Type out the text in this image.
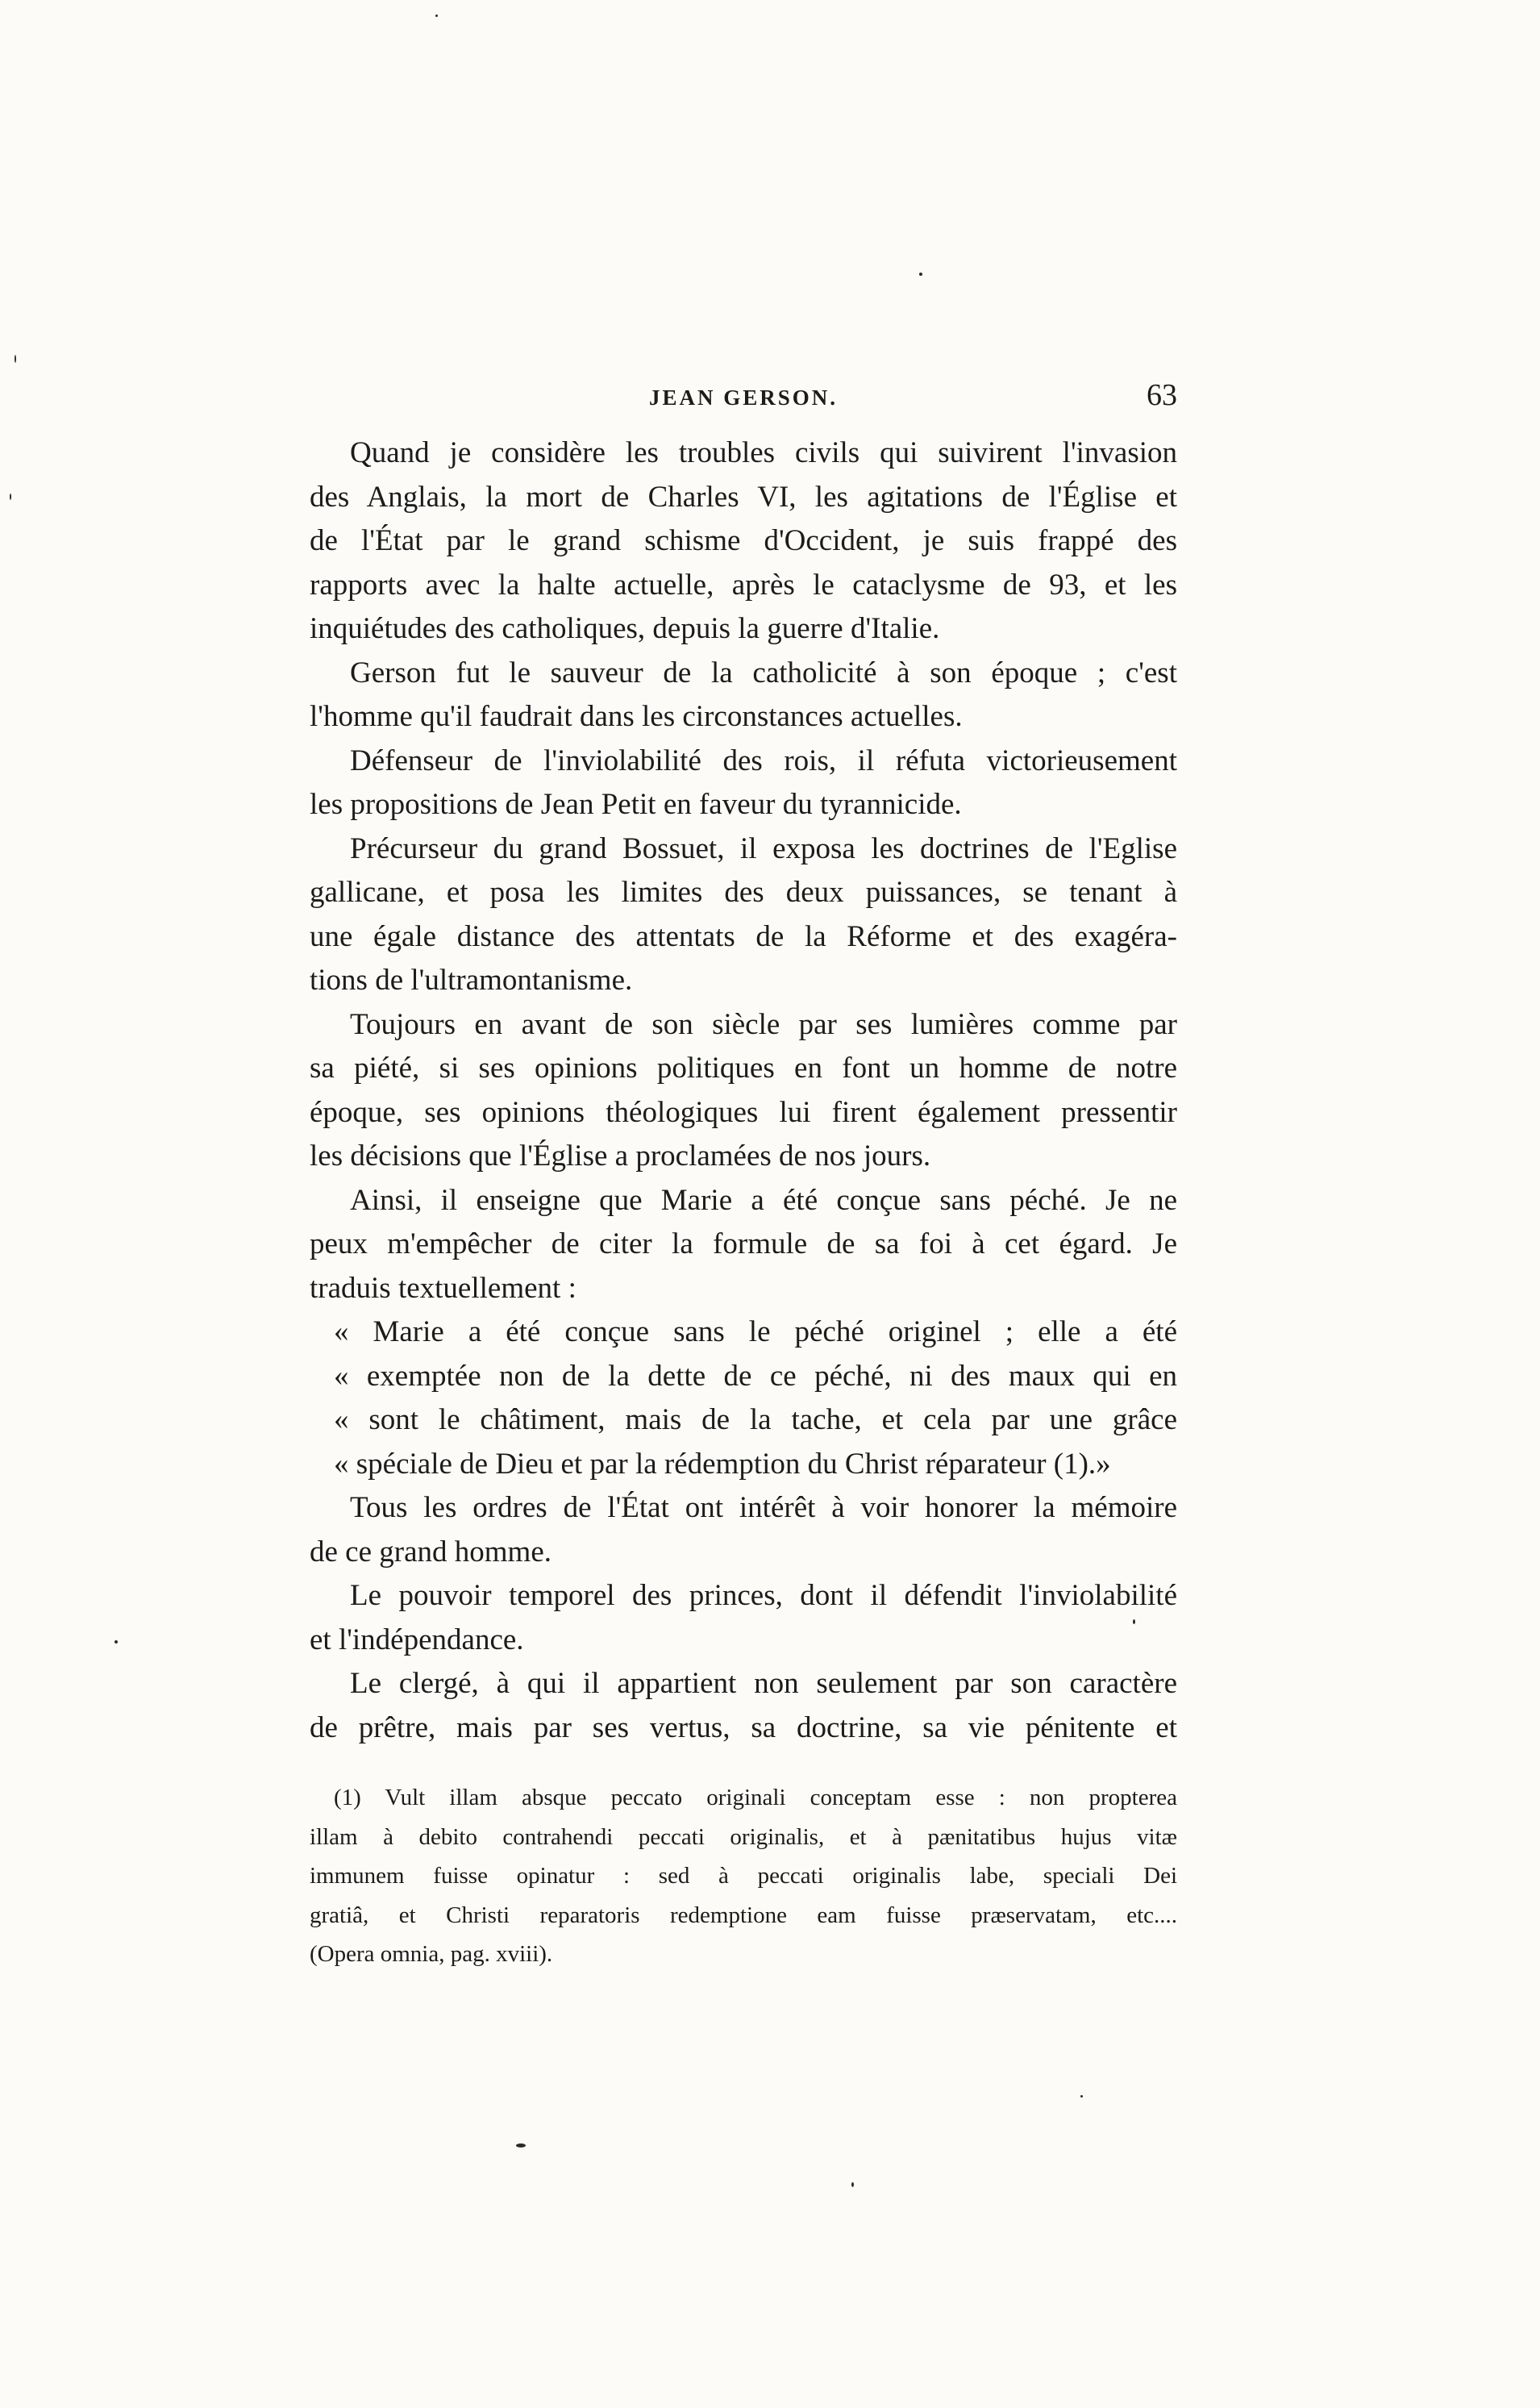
JEAN GERSON.	63

Quand je considère les troubles civils qui suivirent l'invasion
des Anglais, la mort de Charles VI, les agitations de l'Église et
de l'État par le grand schisme d'Occident, je suis frappé des
rapports avec la halte actuelle, après le cataclysme de 93, et les
inquiétudes des catholiques, depuis la guerre d'Italie.

Gerson fut le sauveur de la catholicité à son époque ; c'est
l'homme qu'il faudrait dans les circonstances actuelles.

Défenseur de l'inviolabilité des rois, il réfuta victorieusement
les propositions de Jean Petit en faveur du tyrannicide.

Précurseur du grand Bossuet, il exposa les doctrines de l'Eglise
gallicane, et posa les limites des deux puissances, se tenant à
une égale distance des attentats de la Réforme et des exagéra-
tions de l'ultramontanisme.

Toujours en avant de son siècle par ses lumières comme par
sa piété, si ses opinions politiques en font un homme de notre
époque, ses opinions théologiques lui firent également pressentir
les décisions que l'Église a proclamées de nos jours.

Ainsi, il enseigne que Marie a été conçue sans péché. Je ne
peux m'empêcher de citer la formule de sa foi à cet égard. Je
traduis textuellement :

« Marie a été conçue sans le péché originel ; elle a été
« exemptée non de la dette de ce péché, ni des maux qui en
« sont le châtiment, mais de la tache, et cela par une grâce
« spéciale de Dieu et par la rédemption du Christ réparateur (1).»

Tous les ordres de l'État ont intérêt à voir honorer la mémoire
de ce grand homme.

Le pouvoir temporel des princes, dont il défendit l'inviolabilité
et l'indépendance.

Le clergé, à qui il appartient non seulement par son caractère
de prêtre, mais par ses vertus, sa doctrine, sa vie pénitente et

(1) Vult illam absque peccato originali conceptam esse : non propterea
illam à debito contrahendi peccati originalis, et à pænitatibus hujus vitæ
immunem fuisse opinatur : sed à peccati originalis labe, speciali Dei
gratiâ, et Christi reparatoris redemptione eam fuisse præservatam, etc....
(Opera omnia, pag. xviii).
